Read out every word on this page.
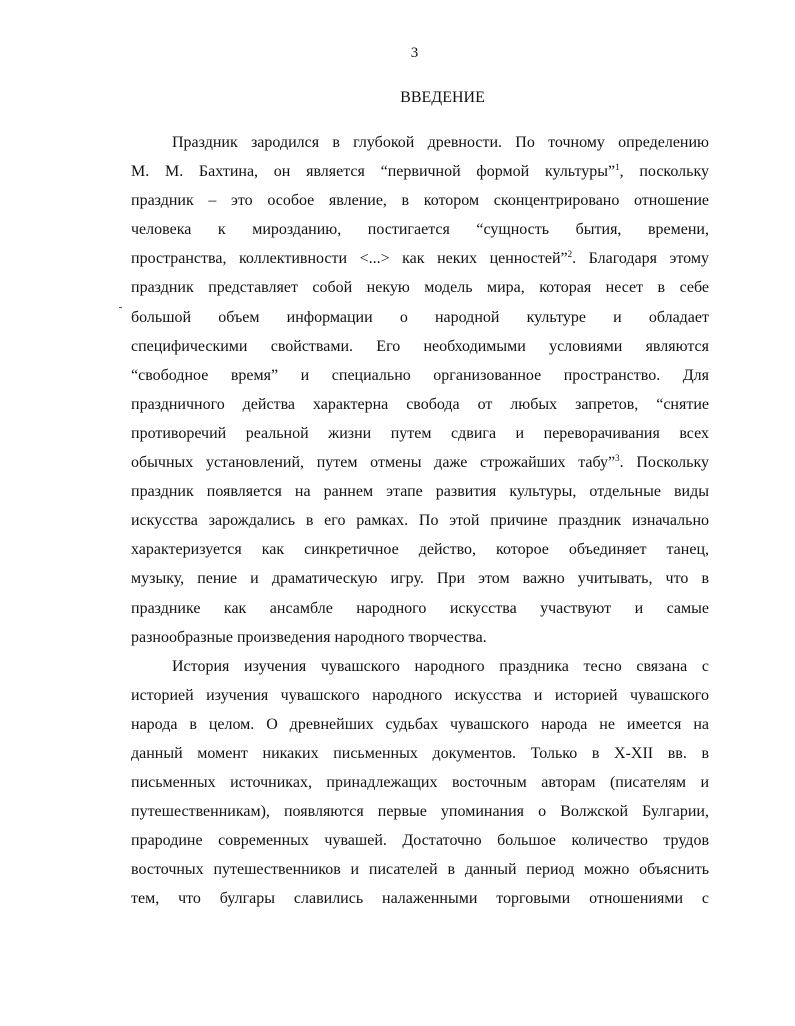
3
ВВЕДЕНИЕ
Праздник зародился в глубокой древности. По точному определению
М. М. Бахтина, он является “первичной формой культуры”$^1$, поскольку
праздник – это особое явление, в котором сконцентрировано отношение
человека к мирозданию, постигается “сущность бытия, времени,
пространства, коллективности <...> как неких ценностей”$^2$. Благодаря этому
праздник представляет собой некую модель мира, которая несет в себе
большой объем информации о народной культуре и обладает
специфическими свойствами. Его необходимыми условиями являются
“свободное время” и специально организованное пространство. Для
праздничного действа характерна свобода от любых запретов, “снятие
противоречий реальной жизни путем сдвига и переворачивания всех
обычных установлений, путем отмены даже строжайших табу”$^3$. Поскольку
праздник появляется на раннем этапе развития культуры, отдельные виды
искусства зарождались в его рамках. По этой причине праздник изначально
характеризуется как синкретичное действо, которое объединяет танец,
музыку, пение и драматическую игру. При этом важно учитывать, что в
празднике как ансамбле народного искусства участвуют и самые
разнообразные произведения народного творчества.
История изучения чувашского народного праздника тесно связана с
историей изучения чувашского народного искусства и историей чувашского
народа в целом. О древнейших судьбах чувашского народа не имеется на
данный момент никаких письменных документов. Только в X-XII вв. в
письменных источниках, принадлежащих восточным авторам (писателям и
путешественникам), появляются первые упоминания о Волжской Булгарии,
прародине современных чувашей. Достаточно большое количество трудов
восточных путешественников и писателей в данный период можно объяснить
тем, что булгары славились налаженными торговыми отношениями с
